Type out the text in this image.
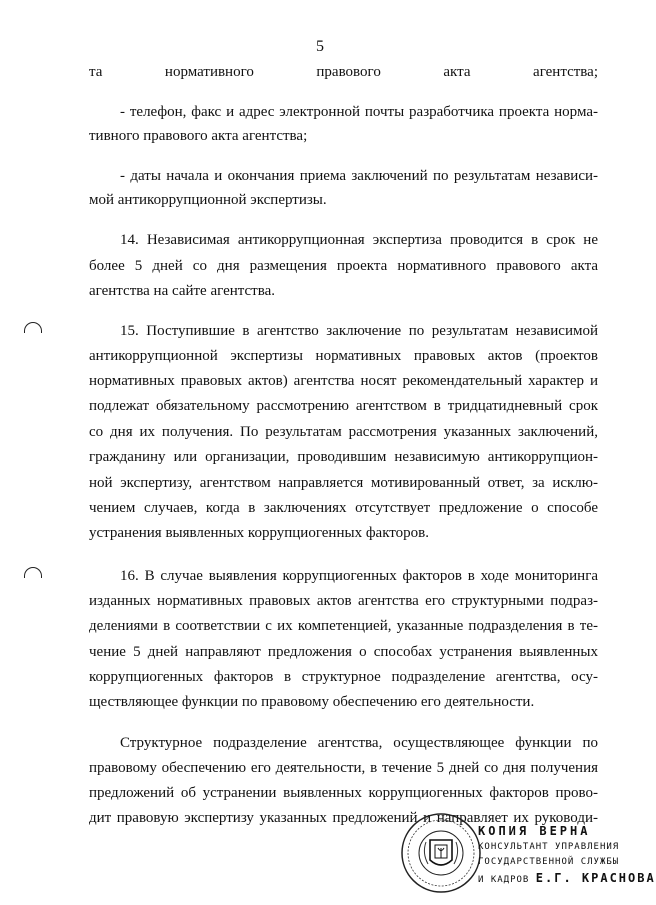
5
та нормативного правового акта агентства;
- телефон, факс и адрес электронной почты разработчика проекта норма-
тивного правового акта агентства;
- даты начала и окончания приема заключений по результатам независи-
мой антикоррупционной экспертизы.
14. Независимая антикоррупционная экспертиза проводится в срок не
более 5 дней со дня размещения проекта нормативного правового акта
агентства на сайте агентства.
15. Поступившие в агентство заключение по результатам независимой
антикоррупционной экспертизы нормативных правовых актов (проектов
нормативных правовых актов) агентства носят рекомендательный характер и
подлежат обязательному рассмотрению агентством в тридцатидневный срок
со дня их получения. По результатам рассмотрения указанных заключений,
гражданину или организации, проводившим независимую антикоррупцион-
ной экспертизу, агентством направляется мотивированный ответ, за исклю-
чением случаев, когда в заключениях отсутствует предложение о способе
устранения выявленных коррупциогенных факторов.
16. В случае выявления коррупциогенных факторов в ходе мониторинга
изданных нормативных правовых актов агентства его структурными подраз-
делениями в соответствии с их компетенцией, указанные подразделения в те-
чение 5 дней направляют предложения о способах устранения выявленных
коррупциогенных факторов в структурное подразделение агентства, осу-
ществляющее функции по правовому обеспечению его деятельности.
Структурное подразделение агентства, осуществляющее функции по
правовому обеспечению его деятельности, в течение 5 дней со дня получения
предложений об устранении выявленных коррупциогенных факторов прово-
дит правовую экспертизу указанных предложений и направляет их руководи-
КОПИЯ ВЕРНА
КОНСУЛЬТАНТ УПРАВЛЕНИЯ
ГОСУДАРСТВЕННОЙ СЛУЖБЫ
И КАДРОВ Е.Г. КРАСНОВА
